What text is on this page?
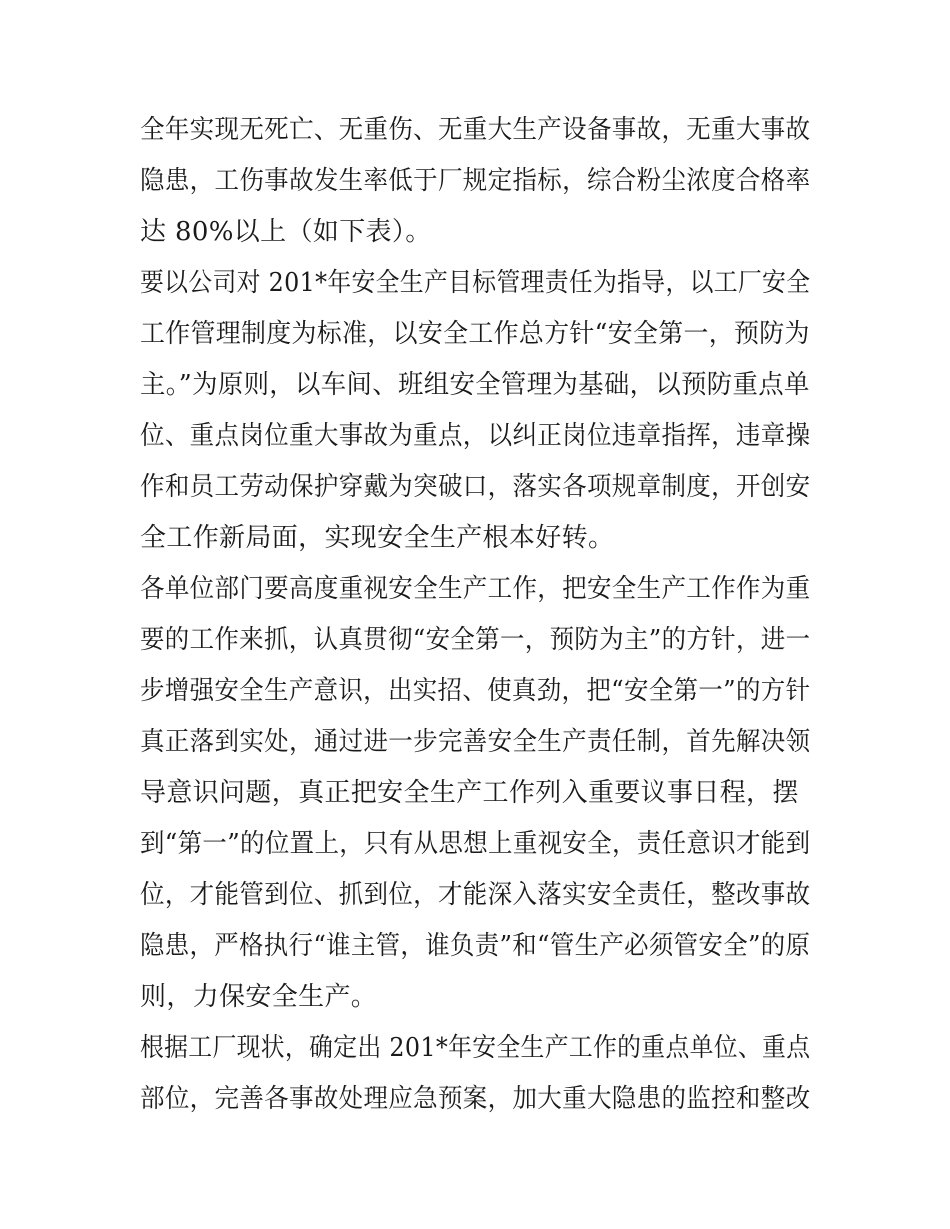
全年实现无死亡、无重伤、无重大生产设备事故，无重大事故
隐患，工伤事故发生率低于厂规定指标，综合粉尘浓度合格率
达 80%以上（如下表）。
要以公司对 201*年安全生产目标管理责任为指导，以工厂安全
工作管理制度为标准，以安全工作总方针“安全第一，预防为
主。”为原则，以车间、班组安全管理为基础，以预防重点单
位、重点岗位重大事故为重点，以纠正岗位违章指挥，违章操
作和员工劳动保护穿戴为突破口，落实各项规章制度，开创安
全工作新局面，实现安全生产根本好转。
各单位部门要高度重视安全生产工作，把安全生产工作作为重
要的工作来抓，认真贯彻“安全第一，预防为主”的方针，进一
步增强安全生产意识，出实招、使真劲，把“安全第一”的方针
真正落到实处，通过进一步完善安全生产责任制，首先解决领
导意识问题，真正把安全生产工作列入重要议事日程，摆
到“第一”的位置上，只有从思想上重视安全，责任意识才能到
位，才能管到位、抓到位，才能深入落实安全责任，整改事故
隐患，严格执行“谁主管，谁负责”和“管生产必须管安全”的原
则，力保安全生产。
根据工厂现状，确定出 201*年安全生产工作的重点单位、重点
部位，完善各事故处理应急预案，加大重大隐患的监控和整改
